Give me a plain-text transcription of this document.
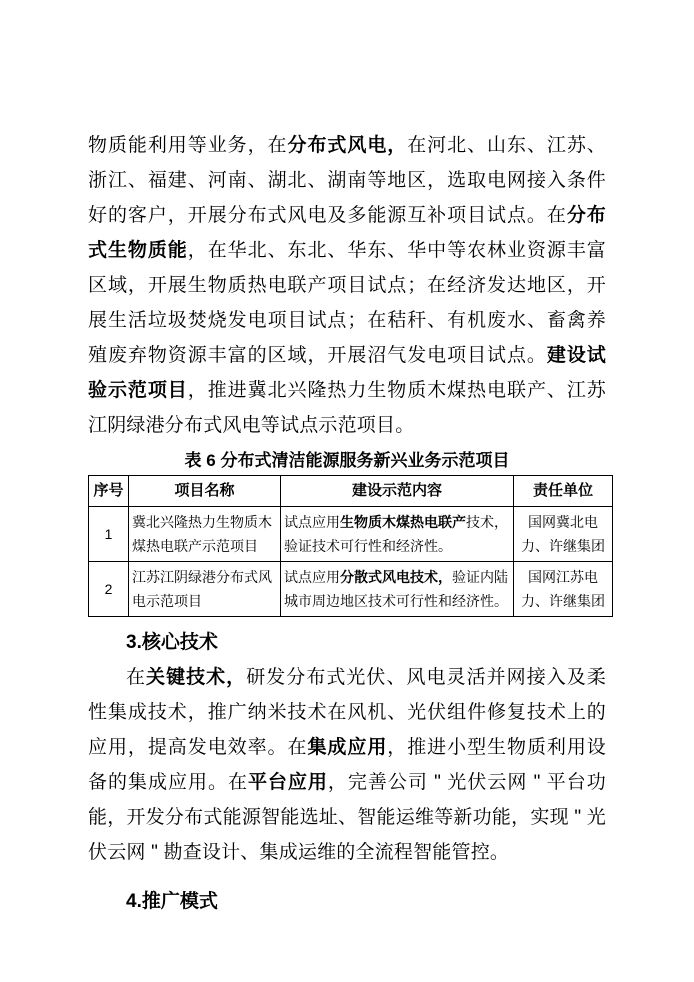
物质能利用等业务，在分布式风电，在河北、山东、江苏、浙江、福建、河南、湖北、湖南等地区，选取电网接入条件好的客户，开展分布式风电及多能源互补项目试点。在分布式生物质能，在华北、东北、华东、华中等农林业资源丰富区域，开展生物质热电联产项目试点；在经济发达地区，开展生活垃圾焚烧发电项目试点；在秸秆、有机废水、畜禽养殖废弃物资源丰富的区域，开展沼气发电项目试点。建设试验示范项目，推进冀北兴隆热力生物质木煤热电联产、江苏江阴绿港分布式风电等试点示范项目。

表 6 分布式清洁能源服务新兴业务示范项目

序号	项目名称	建设示范内容	责任单位
1	冀北兴隆热力生物质木煤热电联产示范项目	试点应用生物质木煤热电联产技术，验证技术可行性和经济性。	国网冀北电力、许继集团
2	江苏江阴绿港分布式风电示范项目	试点应用分散式风电技术，验证内陆城市周边地区技术可行性和经济性。	国网江苏电力、许继集团

3.核心技术

在关键技术，研发分布式光伏、风电灵活并网接入及柔性集成技术，推广纳米技术在风机、光伏组件修复技术上的应用，提高发电效率。在集成应用，推进小型生物质利用设备的集成应用。在平台应用，完善公司 " 光伏云网 " 平台功能，开发分布式能源智能选址、智能运维等新功能，实现 " 光伏云网 " 勘查设计、集成运维的全流程智能管控。

4.推广模式
